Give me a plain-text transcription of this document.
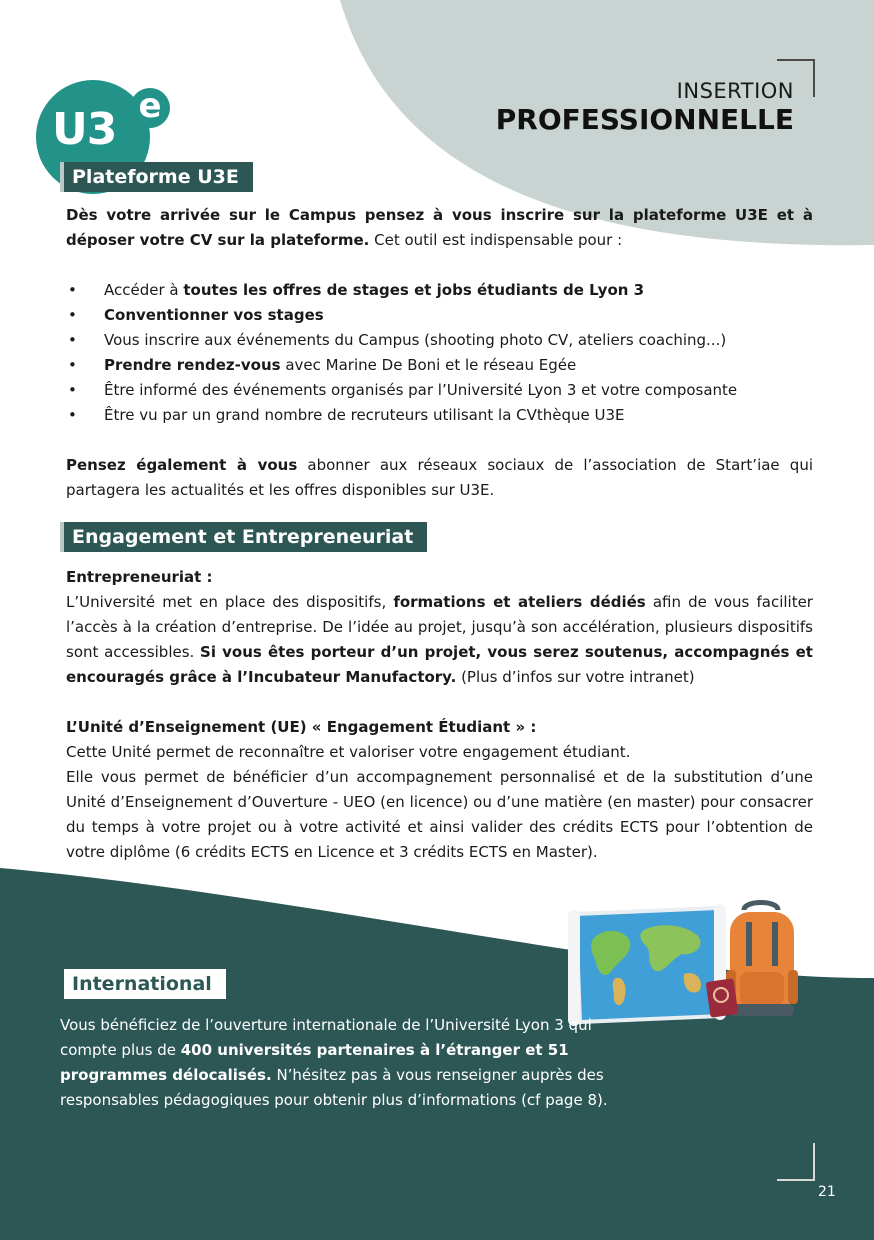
U3 e	INSERTION
PROFESSIONNELLE
Plateforme U3E

Dès votre arrivée sur le Campus pensez à vous inscrire sur la plateforme U3E et à déposer votre CV sur la plateforme. Cet outil est indispensable pour :

• Accéder à toutes les offres de stages et jobs étudiants de Lyon 3
• Conventionner vos stages
• Vous inscrire aux événements du Campus (shooting photo CV, ateliers coaching...)
• Prendre rendez-vous avec Marine De Boni et le réseau Egée
• Être informé des événements organisés par l’Université Lyon 3 et votre composante
• Être vu par un grand nombre de recruteurs utilisant la CVthèque U3E

Pensez également à vous abonner aux réseaux sociaux de l’association de Start’iae qui partagera les actualités et les offres disponibles sur U3E.

Engagement et Entrepreneuriat

Entrepreneuriat :

L’Université met en place des dispositifs, formations et ateliers dédiés afin de vous faciliter l’accès à la création d’entreprise. De l’idée au projet, jusqu’à son accélération, plusieurs dispositifs sont accessibles. Si vous êtes porteur d’un projet, vous serez soutenus, accompagnés et encouragés grâce à l’Incubateur Manufactory. (Plus d’infos sur votre intranet)

L’Unité d’Enseignement (UE) « Engagement Étudiant » :

Cette Unité permet de reconnaître et valoriser votre engagement étudiant.

Elle vous permet de bénéficier d’un accompagnement personnalisé et de la substitution d’une Unité d’Enseignement d’Ouverture - UEO (en licence) ou d’une matière (en master) pour consacrer du temps à votre projet ou à votre activité et ainsi valider des crédits ECTS pour l’obtention de votre diplôme (6 crédits ECTS en Licence et 3 crédits ECTS en Master).

International

Vous bénéficiez de l’ouverture internationale de l’Université Lyon 3 qui compte plus de 400 universités partenaires à l’étranger et 51 programmes délocalisés. N’hésitez pas à vous renseigner auprès des responsables pédagogiques pour obtenir plus d’informations (cf page 8).

21
